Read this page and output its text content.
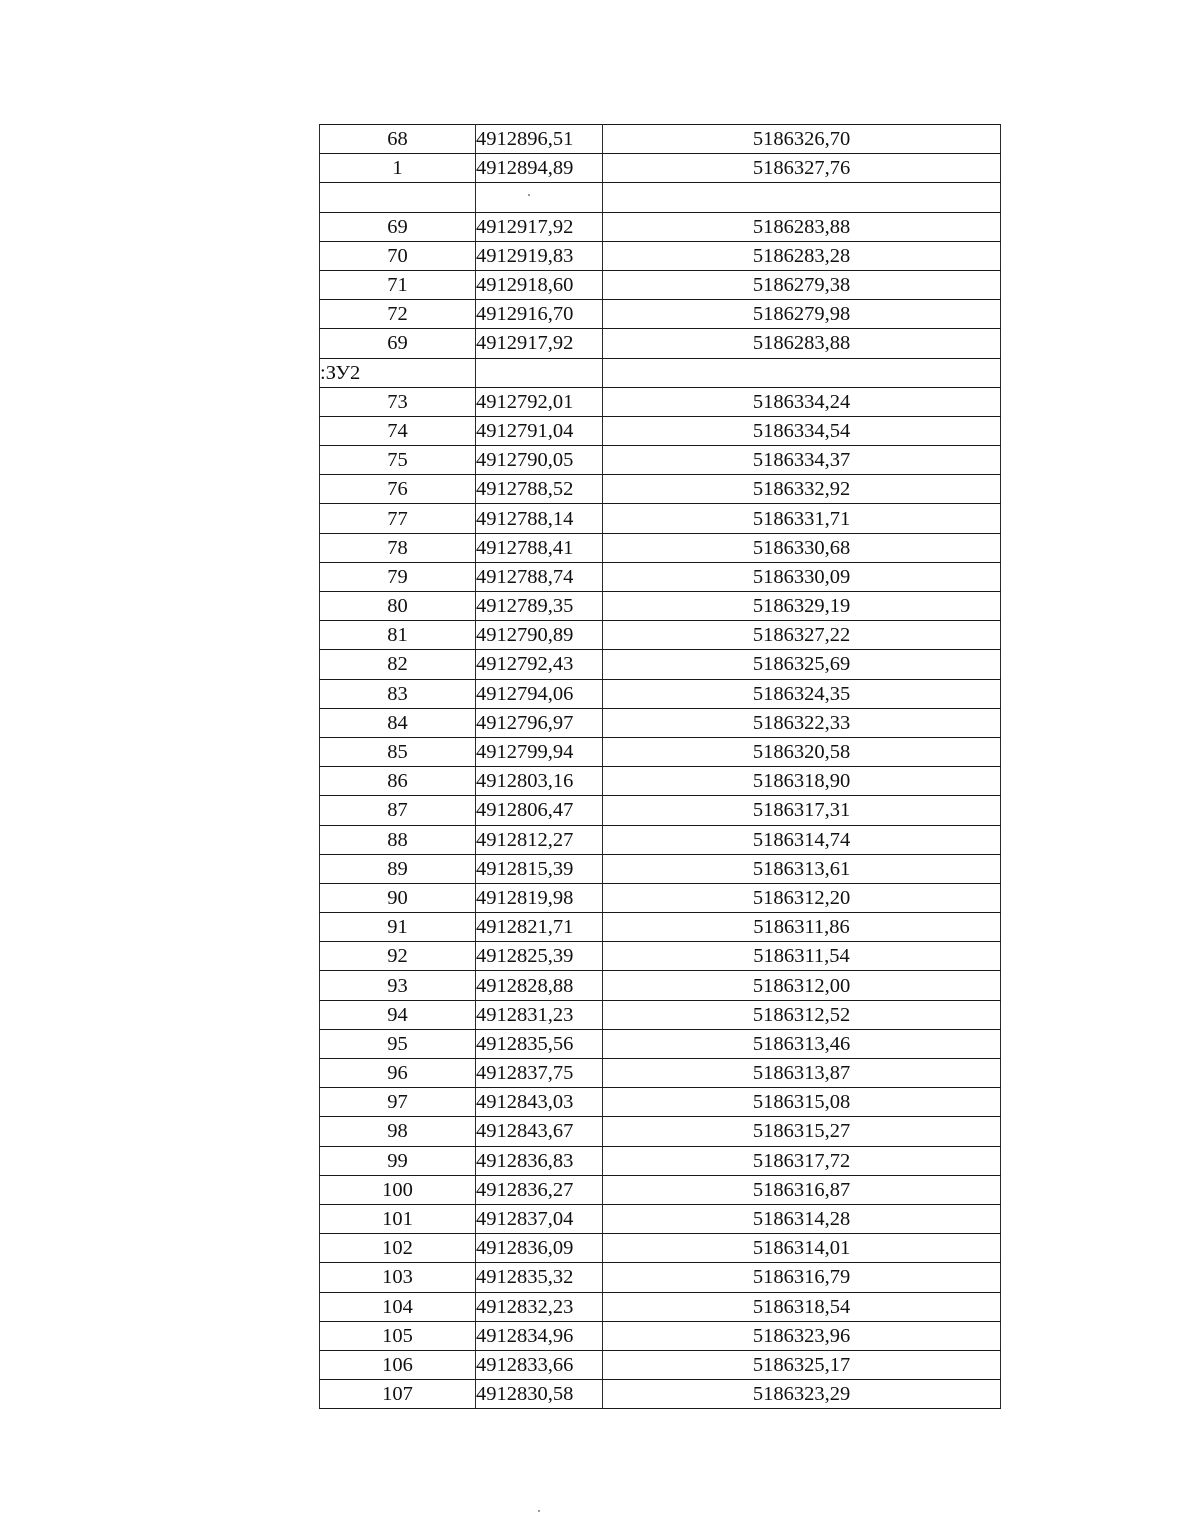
68	4912896,51	5186326,70
1	4912894,89	5186327,76

69	4912917,92	5186283,88
70	4912919,83	5186283,28
71	4912918,60	5186279,38
72	4912916,70	5186279,98
69	4912917,92	5186283,88
:ЗУ2		
73	4912792,01	5186334,24
74	4912791,04	5186334,54
75	4912790,05	5186334,37
76	4912788,52	5186332,92
77	4912788,14	5186331,71
78	4912788,41	5186330,68
79	4912788,74	5186330,09
80	4912789,35	5186329,19
81	4912790,89	5186327,22
82	4912792,43	5186325,69
83	4912794,06	5186324,35
84	4912796,97	5186322,33
85	4912799,94	5186320,58
86	4912803,16	5186318,90
87	4912806,47	5186317,31
88	4912812,27	5186314,74
89	4912815,39	5186313,61
90	4912819,98	5186312,20
91	4912821,71	5186311,86
92	4912825,39	5186311,54
93	4912828,88	5186312,00
94	4912831,23	5186312,52
95	4912835,56	5186313,46
96	4912837,75	5186313,87
97	4912843,03	5186315,08
98	4912843,67	5186315,27
99	4912836,83	5186317,72
100	4912836,27	5186316,87
101	4912837,04	5186314,28
102	4912836,09	5186314,01
103	4912835,32	5186316,79
104	4912832,23	5186318,54
105	4912834,96	5186323,96
106	4912833,66	5186325,17
107	4912830,58	5186323,29
